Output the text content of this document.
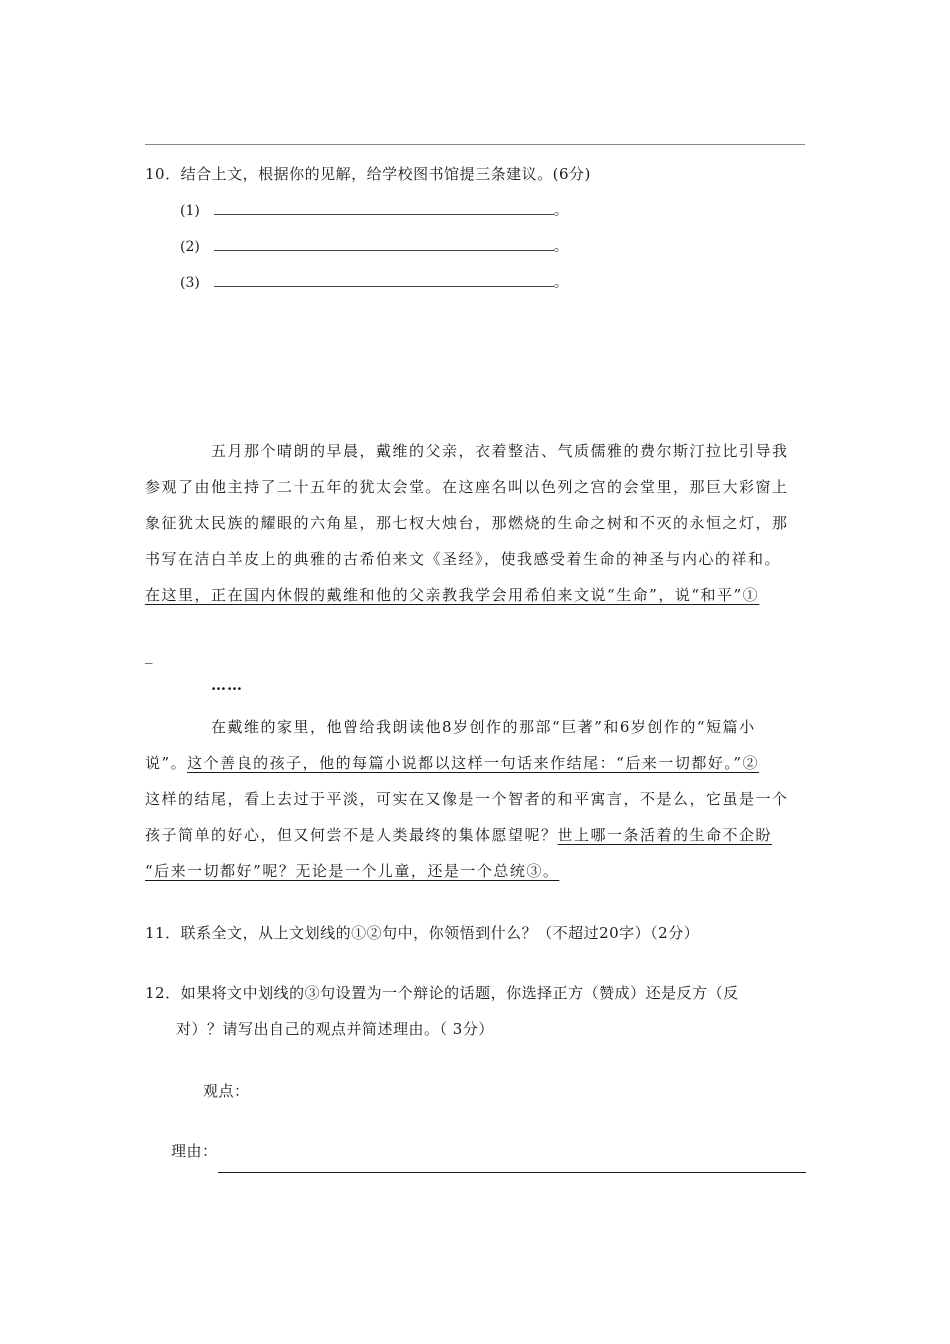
10．结合上文，根据你的见解，给学校图书馆提三条建议。(6分)
(1)	。
(2)	。
(3)	。
五月那个晴朗的早晨，戴维的父亲，衣着整洁、气质儒雅的费尔斯汀拉比引导我
参观了由他主持了二十五年的犹太会堂。在这座名叫以色列之宫的会堂里，那巨大彩窗上
象征犹太民族的耀眼的六角星，那七杈大烛台，那燃烧的生命之树和不灭的永恒之灯，那
书写在洁白羊皮上的典雅的古希伯来文《圣经》，使我感受着生命的神圣与内心的祥和。
在这里，正在国内休假的戴维和他的父亲教我学会用希伯来文说“生命”，说“和平”①
_
……
在戴维的家里，他曾给我朗读他8岁创作的那部“巨著”和6岁创作的“短篇小
说”。这个善良的孩子，他的每篇小说都以这样一句话来作结尾：“后来一切都好。”②
这样的结尾，看上去过于平淡，可实在又像是一个智者的和平寓言，不是么，它虽是一个
孩子简单的好心，但又何尝不是人类最终的集体愿望呢？世上哪一条活着的生命不企盼
“后来一切都好”呢？无论是一个儿童，还是一个总统③。
11．联系全文，从上文划线的①②句中，你领悟到什么？（不超过20字）（2分）
12．如果将文中划线的③句设置为一个辩论的话题，你选择正方（赞成）还是反方（反
对）？请写出自己的观点并简述理由。（ 3分）
观点：
理由：
